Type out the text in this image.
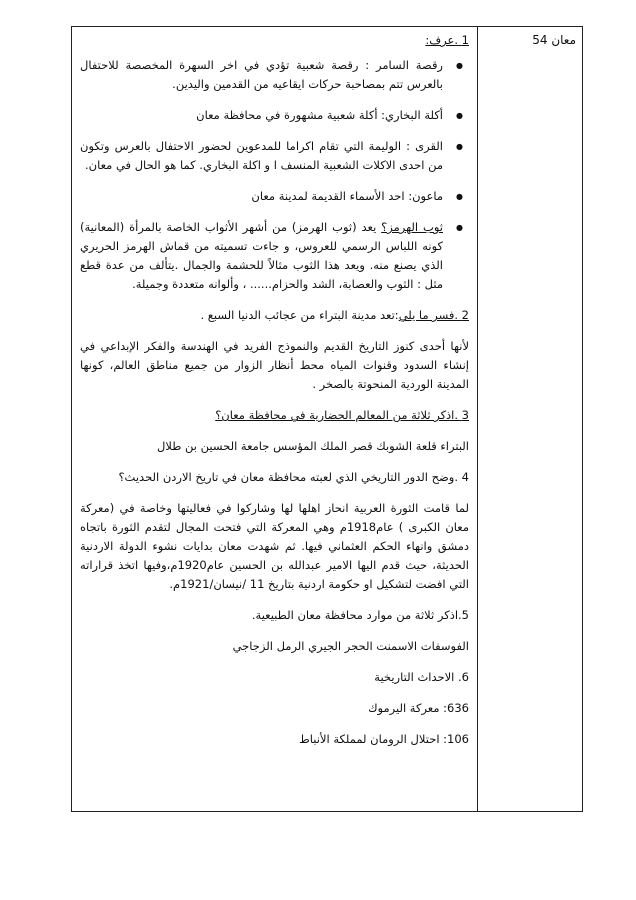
معان 54

1 .عرف:

● رقصة السامر : رقصة شعبية تؤدي في اخر السهرة المخصصة للاحتفال بالعرس تتم بمصاحبة حركات ايقاعيه من القدمين واليدين.
● أكلة البخاري: أكلة شعبية مشهورة في محافظة معان
● القرى : الوليمة التي تقام اكراما للمدعوين لحضور الاحتفال بالعرس وتكون من احدى الاكلات الشعبية المنسف ا و اكلة البخاري. كما هو الحال في معان.
● ماعون: احد الأسماء القديمة لمدينة معان
● ثوب الهرمز؟ يعد (ثوب الهرمز) من أشهر الأثواب الخاصة بالمرأة (المعانية) كونه اللباس الرسمي للعروس، و جاءت تسميته من قماش الهرمز الحريري الذي يصنع منه. ويعد هذا الثوب مثالاً للحشمة والجمال .يتألف من عدة قطع مثل : الثوب والعصابة، الشد والحزام...... ، وألوانه متعددة وجميلة.

2 .فسر ما يلي:تعد مدينة البتراء من عجائب الدنيا السبع .

لأنها أحدى كنوز التاريخ القديم والنموذج الفريد في الهندسة والفكر الإبداعي في إنشاء السدود وقنوات المياه محط أنظار الزوار من جميع مناطق العالم، كونها المدينة الوردية المنحوتة بالصخر .

3 .اذكر ثلاثة من المعالم الحضارية في محافظة معان؟

البتراء قلعة الشوبك قصر الملك المؤسس جامعة الحسين بن طلال

4 .وضح الدور التاريخي الذي لعبته محافظة معان في تاريخ الاردن الحديث؟

لما قامت الثورة العربية انحاز اهلها لها وشاركوا في فعاليتها وخاصة في (معركة معان الكبرى ) عام1918م وهي المعركة التي فتحت المجال لتقدم الثورة باتجاه دمشق وانهاء الحكم العثماني فيها. ثم شهدت معان بدايات نشوء الدولة الاردنية الحديثة، حيث قدم اليها الامير عبدالله بن الحسين عام1920م،وفيها اتخذ قراراته التي افضت لتشكيل او حكومة اردنية بتاريخ 11 /نيسان/1921م.

5.اذكر ثلاثة من موارد محافظة معان الطبيعية.

الفوسفات الاسمنت الحجر الجيري الرمل الزجاجي

6. الاحداث التاريخية

636: معركة اليرموك

106: احتلال الرومان لمملكة الأنباط
